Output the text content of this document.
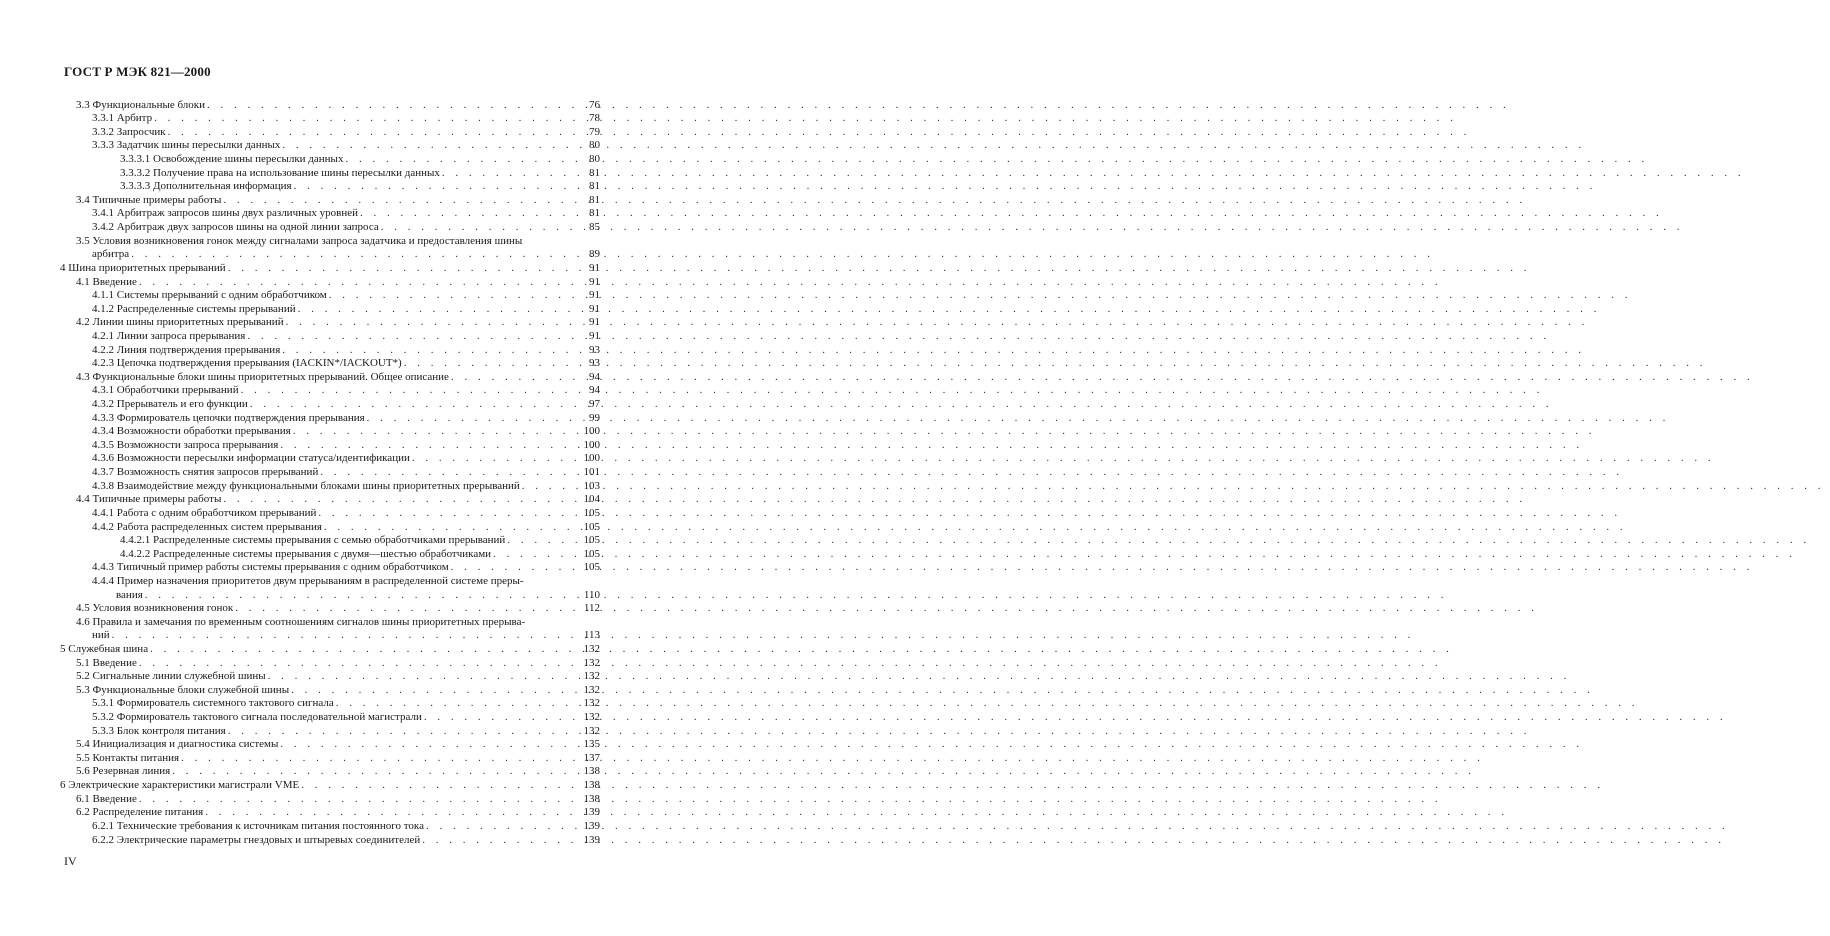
ГОСТ Р МЭК 821—2000
3.3 Функциональные блоки . . .	76
3.3.1 Арбитр . . .	78
3.3.2 Запросчик . . .	79
3.3.3 Задатчик шины пересылки данных . . .	80
3.3.3.1 Освобождение шины пересылки данных . . .	80
3.3.3.2 Получение права на использование шины пересылки данных . . .	81
3.3.3.3 Дополнительная информация . . .	81
3.4 Типичные примеры работы . . .	81
3.4.1 Арбитраж запросов шины двух различных уровней . . .	81
3.4.2 Арбитраж двух запросов шины на одной линии запроса . . .	85
3.5 Условия возникновения гонок между сигналами запроса задатчика и предоставления шины
арбитра . . .	89
4 Шина приоритетных прерываний . . .	91
4.1 Введение . . .	91
4.1.1 Системы прерываний с одним обработчиком . . .	91
4.1.2 Распределенные системы прерываний . . .	91
4.2 Линии шины приоритетных прерываний . . .	91
4.2.1 Линии запроса прерывания . . .	91
4.2.2 Линия подтверждения прерывания . . .	93
4.2.3 Цепочка подтверждения прерывания (IACKIN*/IACKOUT*) . . .	93
4.3 Функциональные блоки шины приоритетных прерываний. Общее описание . . .	94
4.3.1 Обработчики прерываний . . .	94
4.3.2 Прерыватель и его функции . . .	97
4.3.3 Формирователь цепочки подтверждения прерывания . . .	99
4.3.4 Возможности обработки прерывания . . .	100
4.3.5 Возможности запроса прерывания . . .	100
4.3.6 Возможности пересылки информации статуса/идентификации . . .	100
4.3.7 Возможность снятия запросов прерываний . . .	101
4.3.8 Взаимодействие между функциональными блоками шины приоритетных прерываний . . .	103
4.4 Типичные примеры работы . . .	104
4.4.1 Работа с одним обработчиком прерываний . . .	105
4.4.2 Работа распределенных систем прерывания . . .	105
4.4.2.1 Распределенные системы прерывания с семью обработчиками прерываний . . .	105
4.4.2.2 Распределенные системы прерывания с двумя—шестью обработчиками . . .	105
4.4.3 Типичный пример работы системы прерывания с одним обработчиком . . .	105
4.4.4 Пример назначения приоритетов двум прерываниям в распределенной системе преры-
вания . . .	110
4.5 Условия возникновения гонок . . .	112
4.6 Правила и замечания по временным соотношениям сигналов шины приоритетных прерыва-
ний . . .	113
5 Служебная шина . . .	132
5.1 Введение . . .	132
5.2 Сигнальные линии служебной шины . . .	132
5.3 Функциональные блоки служебной шины . . .	132
5.3.1 Формирователь системного тактового сигнала . . .	132
5.3.2 Формирователь тактового сигнала последовательной магистрали . . .	132
5.3.3 Блок контроля питания . . .	132
5.4 Инициализация и диагностика системы . . .	135
5.5 Контакты питания . . .	137
5.6 Резервная линия . . .	138
6 Электрические характеристики магистрали VME . . .	138
6.1 Введение . . .	138
6.2 Распределение питания . . .	139
6.2.1 Технические требования к источникам питания постоянного тока . . .	139
6.2.2 Электрические параметры гнездовых и штыревых соединителей . . .	139
IV
